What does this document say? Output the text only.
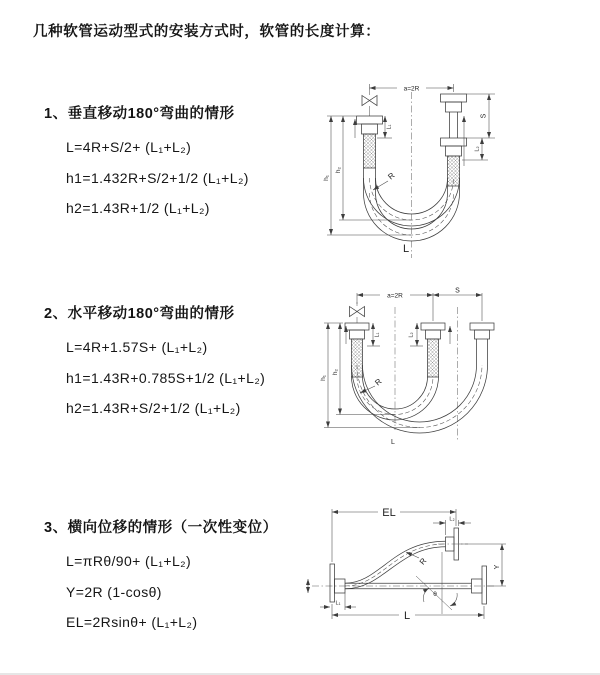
几种软管运动型式的安装方式时，软管的长度计算：
1、垂直移动180°弯曲的情形
L=4R+S/2+ (L₁+L₂)
h1=1.432R+S/2+1/2 (L₁+L₂)
h2=1.43R+1/2 (L₁+L₂)
2、水平移动180°弯曲的情形
L=4R+1.57S+ (L₁+L₂)
h1=1.43R+0.785S+1/2 (L₁+L₂)
h2=1.43R+S/2+1/2 (L₁+L₂)
3、横向位移的情形（一次性变位）
L=πRθ/90+ (L₁+L₂)
Y=2R (1-cosθ)
EL=2Rsinθ+ (L₁+L₂)
a=2R
S
L₂
L₁
h₁
h₂
R
L
a=2R
S
L₁	L₂
h₁
h₂
R
L
EL
L₂
Y
θ
R
L₁
L
